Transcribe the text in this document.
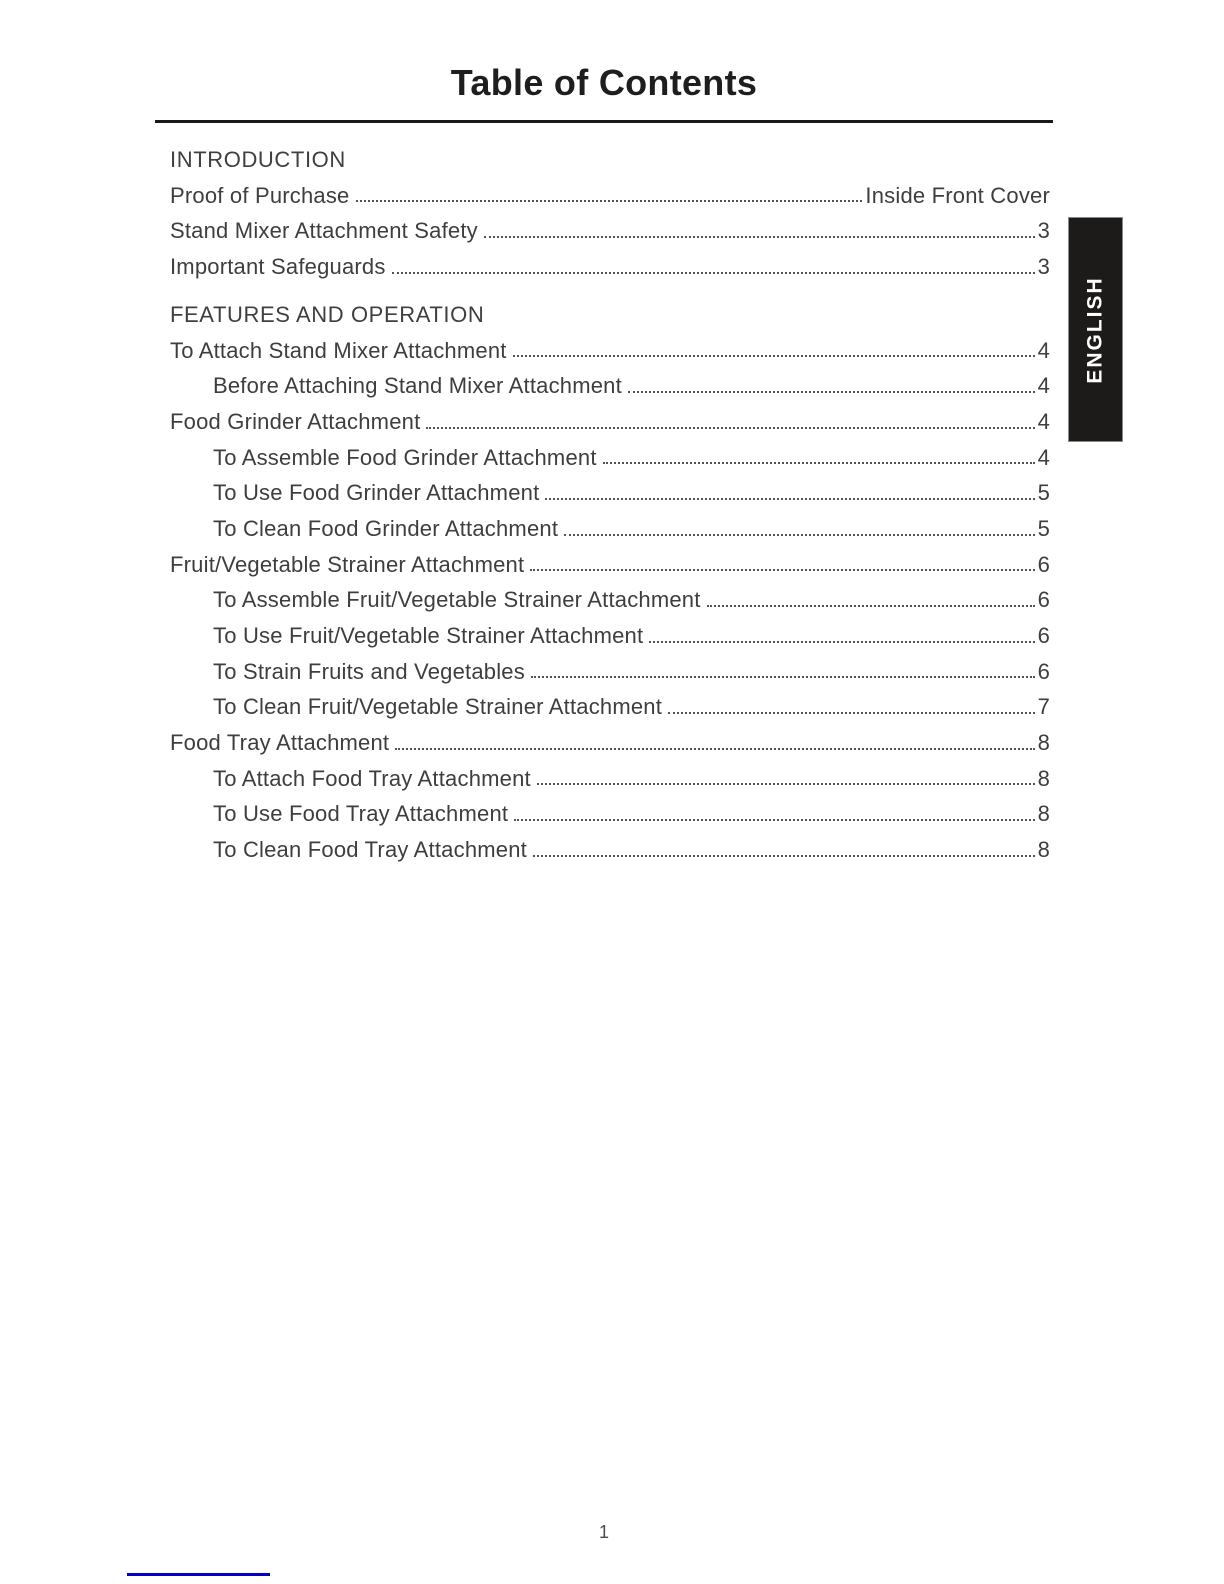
Table of Contents
INTRODUCTION
Proof of Purchase	Inside Front Cover
Stand Mixer Attachment Safety	3
Important Safeguards	3
FEATURES AND OPERATION
To Attach Stand Mixer Attachment	4
Before Attaching Stand Mixer Attachment	4
Food Grinder Attachment	4
To Assemble Food Grinder Attachment	4
To Use Food Grinder Attachment	5
To Clean Food Grinder Attachment	5
Fruit/Vegetable Strainer Attachment	6
To Assemble Fruit/Vegetable Strainer Attachment	6
To Use Fruit/Vegetable Strainer Attachment	6
To Strain Fruits and Vegetables	6
To Clean Fruit/Vegetable Strainer Attachment	7
Food Tray Attachment	8
To Attach Food Tray Attachment	8
To Use Food Tray Attachment	8
To Clean Food Tray Attachment	8
ENGLISH
1
